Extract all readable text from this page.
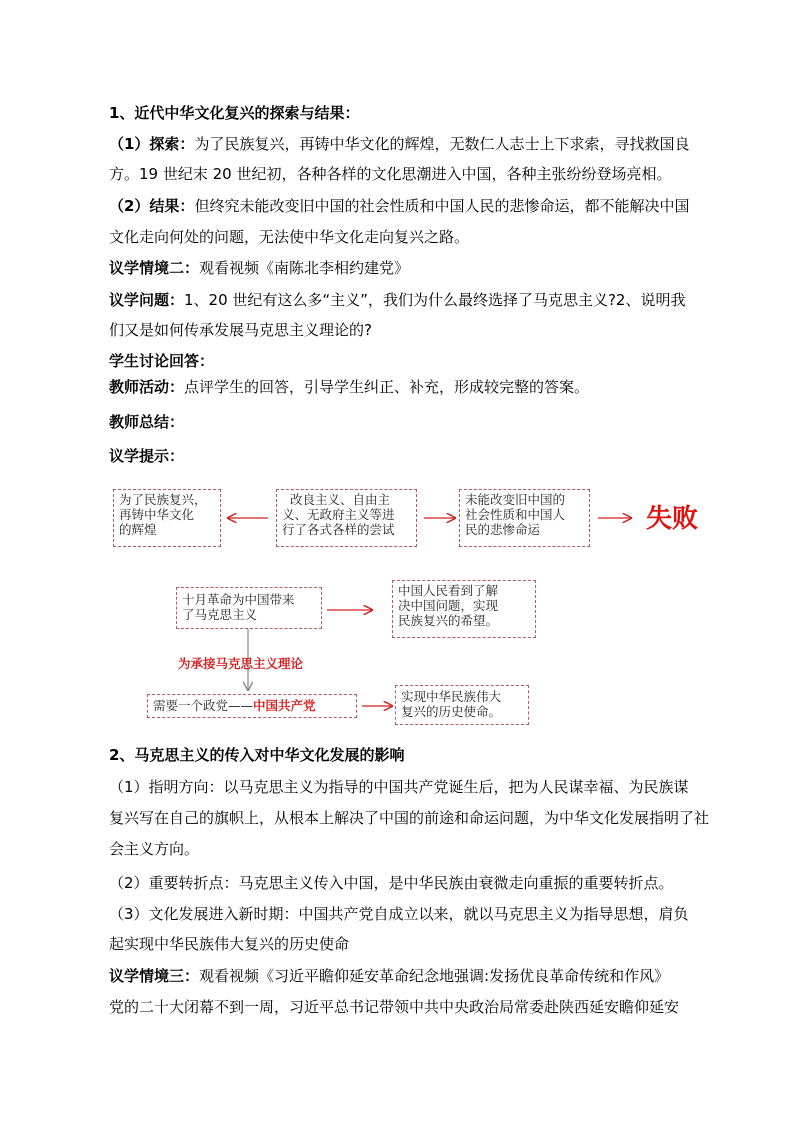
1、近代中华文化复兴的探索与结果：
（1）探索：为了民族复兴，再铸中华文化的辉煌，无数仁人志士上下求索，寻找救国良
方。19 世纪末 20 世纪初，各种各样的文化思潮进入中国，各种主张纷纷登场亮相。
（2）结果：但终究未能改变旧中国的社会性质和中国人民的悲惨命运，都不能解决中国
文化走向何处的问题，无法使中华文化走向复兴之路。
议学情境二：观看视频《南陈北李相约建党》
议学问题：1、20 世纪有这么多“主义”，我们为什么最终选择了马克思主义?2、说明我
们又是如何传承发展马克思主义理论的?
学生讨论回答：
教师活动：点评学生的回答，引导学生纠正、补充，形成较完整的答案。
教师总结：
议学提示：
为了民族复兴，
再铸中华文化
的辉煌
改良主义、自由主
义、无政府主义等进
行了各式各样的尝试
未能改变旧中国的
社会性质和中国人
民的悲惨命运	失败
十月革命为中国带来
了马克思主义
中国人民看到了解
决中国问题，实现
民族复兴的希望。
为承接马克思主义理论
需要一个政党——中国共产党
实现中华民族伟大
复兴的历史使命。
2、马克思主义的传入对中华文化发展的影响
（1）指明方向：以马克思主义为指导的中国共产党诞生后，把为人民谋幸福、为民族谋
复兴写在自己的旗帜上，从根本上解决了中国的前途和命运问题，为中华文化发展指明了社
会主义方向。
（2）重要转折点：马克思主义传入中国，是中华民族由衰微走向重振的重要转折点。
（3）文化发展进入新时期：中国共产党自成立以来，就以马克思主义为指导思想，肩负
起实现中华民族伟大复兴的历史使命
议学情境三：观看视频《习近平瞻仰延安革命纪念地强调:发扬优良革命传统和作风》
党的二十大闭幕不到一周，习近平总书记带领中共中央政治局常委赴陕西延安瞻仰延安
